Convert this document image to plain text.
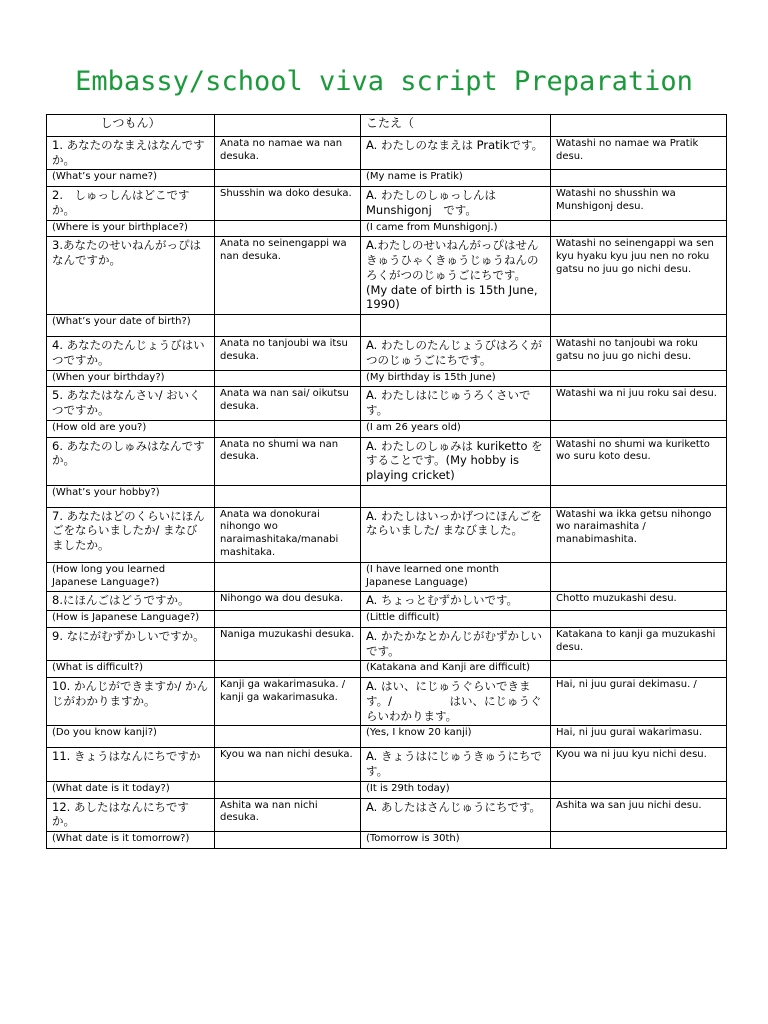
Embassy/school viva script Preparation
しつもん）		こたえ（	
1. あなたのなまえはなんですか。	Anata no namae wa nan desuka.	A. わたしのなまえは Pratikです。	Watashi no namae wa Pratik desu.
(What’s your name?)		(My name is Pratik)	
2.　しゅっしんはどこですか。	Shusshin wa doko desuka.	A. わたしのしゅっしんは Munshigonj　です。	Watashi no shusshin wa Munshigonj desu.
(Where is your birthplace?)		(I came from Munshigonj.)	
3.あなたのせいねんがっぴはなんですか。	Anata no seinengappi wa nan desuka.	A.わたしのせいねんがっぴはせんきゅうひゃくきゅうじゅうねんのろくがつのじゅうごにちです。(My date of birth is 15th June, 1990)	Watashi no seinengappi wa sen kyu hyaku kyu juu nen no roku gatsu no juu go nichi desu.
(What’s your date of birth?)			
4. あなたのたんじょうびはいつですか。	Anata no tanjoubi wa itsu desuka.	A. わたしのたんじょうびはろくがつのじゅうごにちです。	Watashi no tanjoubi wa roku gatsu no juu go nichi desu.
(When your birthday?)		(My birthday is 15th June)	
5. あなたはなんさい/ おいくつですか。	Anata wa nan sai/ oikutsu desuka.	A. わたしはにじゅうろくさいです。	Watashi wa ni juu roku sai desu.
(How old are you?)		(I am 26 years old)	
6. あなたのしゅみはなんですか。	Anata no shumi wa nan desuka.	A. わたしのしゅみは kuriketto をすることです。(My hobby is playing cricket)	Watashi no shumi wa kuriketto wo suru koto desu.
(What’s your hobby?)			
7. あなたはどのくらいにほんごをならいましたか/ まなびましたか。	Anata wa donokurai nihongo wo naraimashitaka/manabi mashitaka.	A. わたしはいっかげつにほんごをならいました/ まなびました。	Watashi wa ikka getsu nihongo wo naraimashita / manabimashita.
(How long you learned Japanese Language?)		(I have learned one month Japanese Language)	
8.にほんごはどうですか。	Nihongo wa dou desuka.	A. ちょっとむずかしいです。	Chotto muzukashi desu.
(How is Japanese Language?)		(Little difficult)	
9. なにがむずかしいですか。	Naniga muzukashi desuka.	A. かたかなとかんじがむずかしいです。	Katakana to kanji ga muzukashi desu.
(What is difficult?)		(Katakana and Kanji are difficult)	
10. かんじができますか/ かんじがわかりますか。	Kanji ga wakarimasuka. / kanji ga wakarimasuka.	A. はい、にじゅうぐらいできます。/　　　　　はい、にじゅうぐらいわかります。	Hai, ni juu gurai dekimasu. /
(Do you know kanji?)		(Yes, I know 20 kanji)	Hai, ni juu gurai wakarimasu.
11. きょうはなんにちですか	Kyou wa nan nichi desuka.	A. きょうはにじゅうきゅうにちです。	Kyou wa ni juu kyu nichi desu.
(What date is it today?)		(It is 29th today)	
12. あしたはなんにちですか。	Ashita wa nan nichi desuka.	A. あしたはさんじゅうにちです。	Ashita wa san juu nichi desu.
(What date is it tomorrow?)		(Tomorrow is 30th)	
